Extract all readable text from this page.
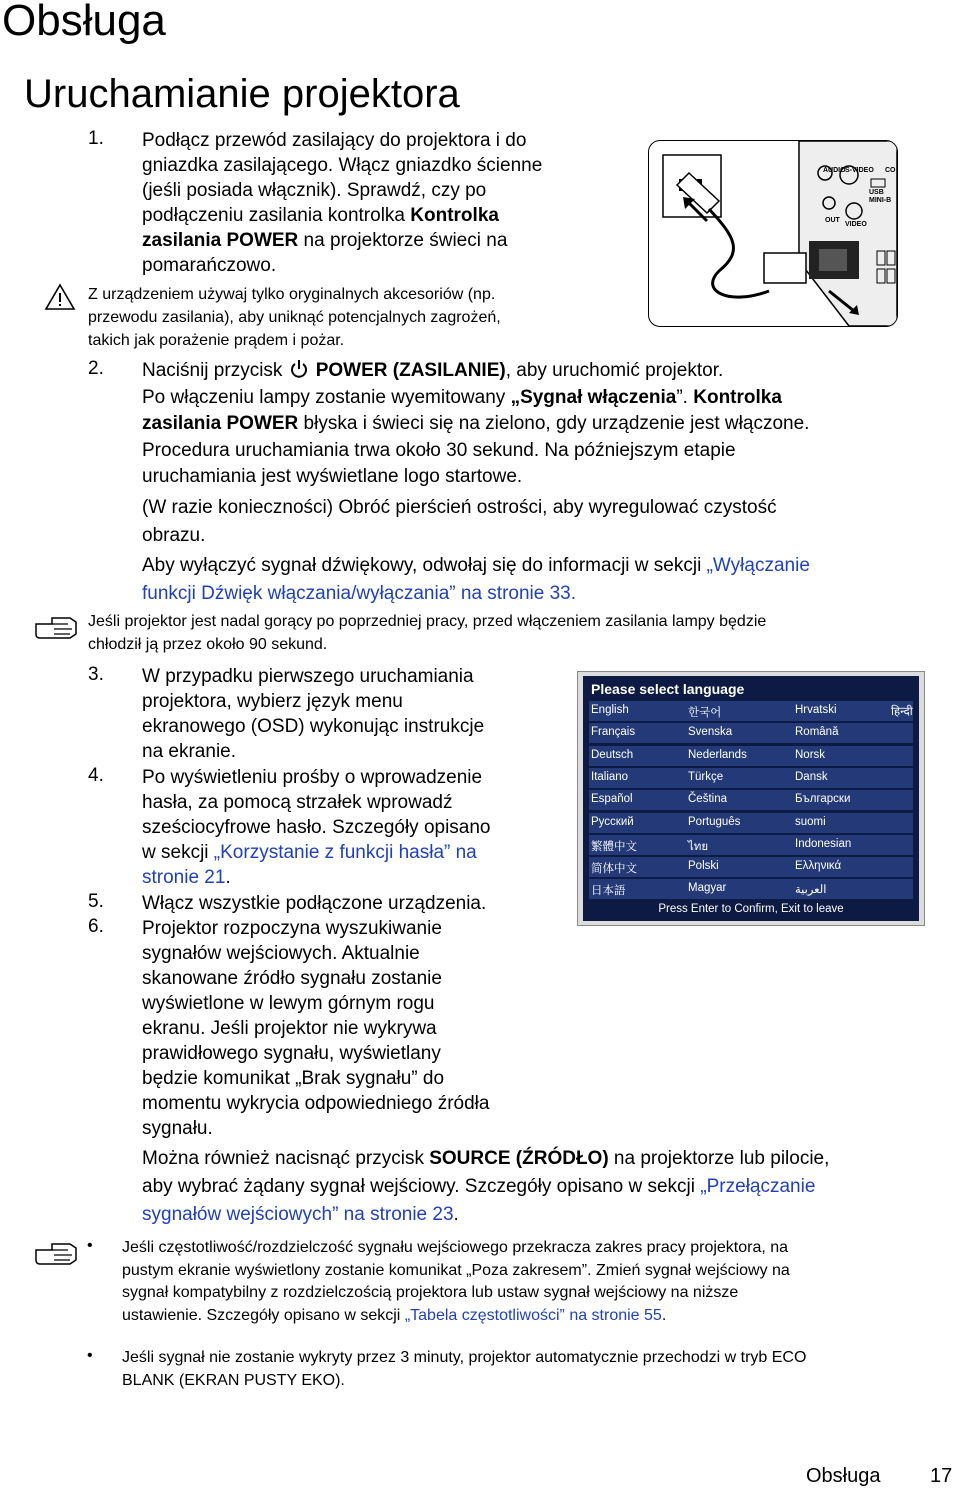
Obsługa
Uruchamianie projektora
1. Podłącz przewód zasilający do projektora i do
gniazdka zasilającego. Włącz gniazdko ścienne
(jeśli posiada włącznik). Sprawdź, czy po
podłączeniu zasilania kontrolka Kontrolka
zasilania POWER na projektorze świeci na
pomarańczowo.
Z urządzeniem używaj tylko oryginalnych akcesoriów (np.
przewodu zasilania), aby uniknąć potencjalnych zagrożeń,
takich jak porażenie prądem i pożar.
AUDIO S-VIDEO
USB
MINI-B
OUT
VIDEO
CO
2. Naciśnij przycisk POWER (ZASILANIE), aby uruchomić projektor.
Po włączeniu lampy zostanie wyemitowany „Sygnał włączenia”. Kontrolka
zasilania POWER błyska i świeci się na zielono, gdy urządzenie jest włączone.
Procedura uruchamiania trwa około 30 sekund. Na późniejszym etapie
uruchamiania jest wyświetlane logo startowe.
(W razie konieczności) Obróć pierścień ostrości, aby wyregulować czystość
obrazu.
Aby wyłączyć sygnał dźwiękowy, odwołaj się do informacji w sekcji „Wyłączanie
funkcji Dźwięk włączania/wyłączania” na stronie 33.
Jeśli projektor jest nadal gorący po poprzedniej pracy, przed włączeniem zasilania lampy będzie
chłodził ją przez około 90 sekund.
3. W przypadku pierwszego uruchamiania
projektora, wybierz język menu
ekranowego (OSD) wykonując instrukcje
na ekranie.
4. Po wyświetleniu prośby o wprowadzenie
hasła, za pomocą strzałek wprowadź
sześciocyfrowe hasło. Szczegóły opisano
w sekcji „Korzystanie z funkcji hasła” na
stronie 21.
5. Włącz wszystkie podłączone urządzenia.
6. Projektor rozpoczyna wyszukiwanie
sygnałów wejściowych. Aktualnie
skanowane źródło sygnału zostanie
wyświetlone w lewym górnym rogu
ekranu. Jeśli projektor nie wykrywa
prawidłowego sygnału, wyświetlany
będzie komunikat „Brak sygnału” do
momentu wykrycia odpowiedniego źródła
sygnału.
Można również nacisnąć przycisk SOURCE (ŹRÓDŁO) na projektorze lub pilocie,
aby wybrać żądany sygnał wejściowy. Szczegóły opisano w sekcji „Przełączanie
sygnałów wejściowych” na stronie 23.
Please select language
English	한국어	Hrvatski	हिन्दी
Français	Svenska	Română
Deutsch	Nederlands	Norsk
Italiano	Türkçe	Dansk
Español	Čeština	Български
Русский	Português	suomi
繁體中文	ไทย	Indonesian
简体中文	Polski	Ελληνικά
日本語	Magyar	العربية
Press Enter to Confirm, Exit to leave
• Jeśli częstotliwość/rozdzielczość sygnału wejściowego przekracza zakres pracy projektora, na
pustym ekranie wyświetlony zostanie komunikat „Poza zakresem”. Zmień sygnał wejściowy na
sygnał kompatybilny z rozdzielczością projektora lub ustaw sygnał wejściowy na niższe
ustawienie. Szczegóły opisano w sekcji „Tabela częstotliwości” na stronie 55.
• Jeśli sygnał nie zostanie wykryty przez 3 minuty, projektor automatycznie przechodzi w tryb ECO
BLANK (EKRAN PUSTY EKO).
Obsługa 17
